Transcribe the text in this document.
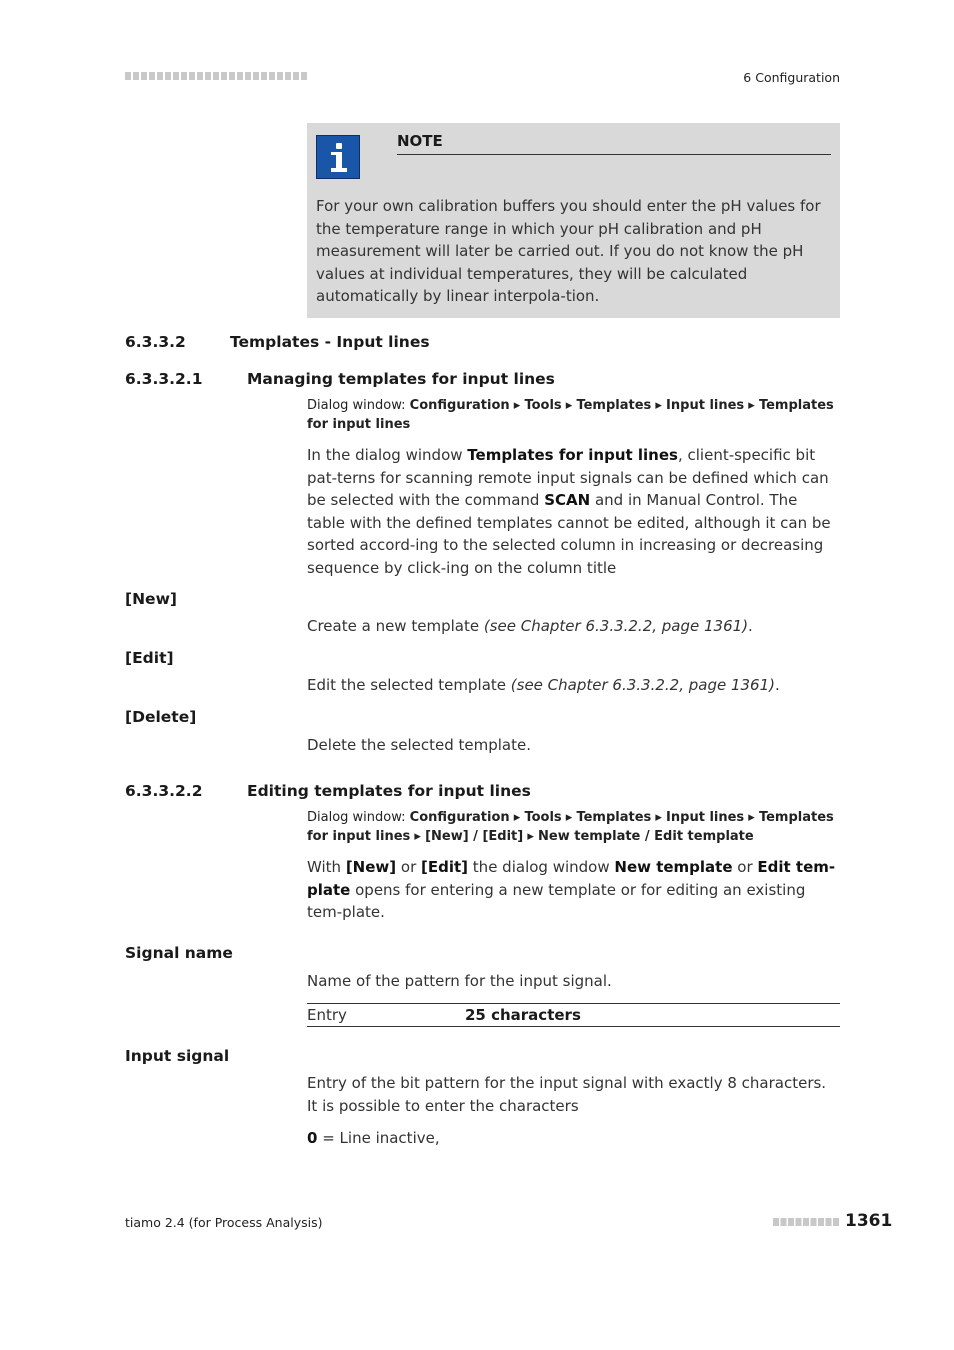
6 Configuration
NOTE
For your own calibration buffers you should enter the pH values for the temperature range in which your pH calibration and pH measurement will later be carried out. If you do not know the pH values at individual temperatures, they will be calculated automatically by linear interpola-tion.
6.3.3.2	Templates - Input lines
6.3.3.2.1	Managing templates for input lines
Dialog window: Configuration ▸ Tools ▸ Templates ▸ Input lines ▸ Templates for input lines
In the dialog window Templates for input lines, client-specific bit pat-terns for scanning remote input signals can be defined which can be selected with the command SCAN and in Manual Control. The table with the defined templates cannot be edited, although it can be sorted accord-ing to the selected column in increasing or decreasing sequence by click-ing on the column title
[New]
Create a new template (see Chapter 6.3.3.2.2, page 1361).
[Edit]
Edit the selected template (see Chapter 6.3.3.2.2, page 1361).
[Delete]
Delete the selected template.
6.3.3.2.2	Editing templates for input lines
Dialog window: Configuration ▸ Tools ▸ Templates ▸ Input lines ▸ Templates for input lines ▸ [New] / [Edit] ▸ New template / Edit template
With [New] or [Edit] the dialog window New template or Edit tem-plate opens for entering a new template or for editing an existing tem-plate.
Signal name
Name of the pattern for the input signal.
Entry	25 characters
Input signal
Entry of the bit pattern for the input signal with exactly 8 characters. It is possible to enter the characters
0 = Line inactive,
tiamo 2.4 (for Process Analysis)	1361
